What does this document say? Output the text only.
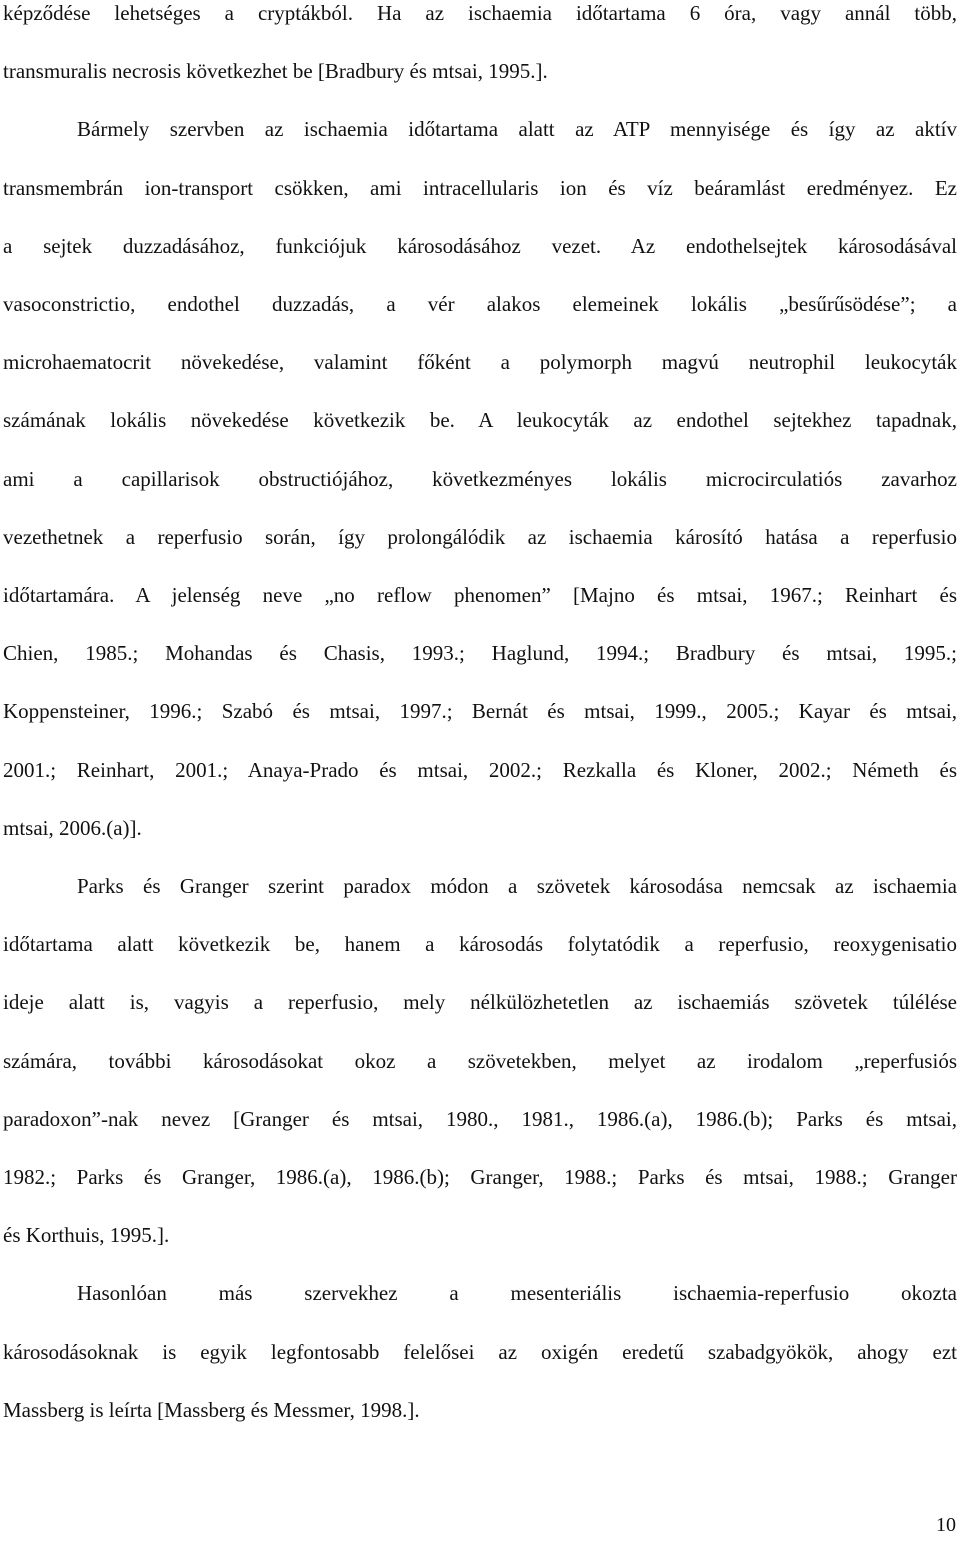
képződése lehetséges a cryptákból. Ha az ischaemia időtartama 6 óra, vagy annál több,
transmuralis necrosis következhet be [Bradbury és mtsai, 1995.].

Bármely szervben az ischaemia időtartama alatt az ATP mennyisége és így az aktív
transmembrán ion-transport csökken, ami intracellularis ion és víz beáramlást eredményez. Ez
a sejtek duzzadásához, funkciójuk károsodásához vezet. Az endothelsejtek károsodásával
vasoconstrictio, endothel duzzadás, a vér alakos elemeinek lokális „besűrűsödése”; a
microhaematocrit növekedése, valamint főként a polymorph magvú neutrophil leukocyták
számának lokális növekedése következik be. A leukocyták az endothel sejtekhez tapadnak,
ami a capillarisok obstructiójához, következményes lokális microcirculatiós zavarhoz
vezethetnek a reperfusio során, így prolongálódik az ischaemia károsító hatása a reperfusio
időtartamára. A jelenség neve „no reflow phenomen” [Majno és mtsai, 1967.; Reinhart és
Chien, 1985.; Mohandas és Chasis, 1993.; Haglund, 1994.; Bradbury és mtsai, 1995.;
Koppensteiner, 1996.; Szabó és mtsai, 1997.; Bernát és mtsai, 1999., 2005.; Kayar és mtsai,
2001.; Reinhart, 2001.; Anaya-Prado és mtsai, 2002.; Rezkalla és Kloner, 2002.; Németh és
mtsai, 2006.(a)].

Parks és Granger szerint paradox módon a szövetek károsodása nemcsak az ischaemia
időtartama alatt következik be, hanem a károsodás folytatódik a reperfusio, reoxygenisatio
ideje alatt is, vagyis a reperfusio, mely nélkülözhetetlen az ischaemiás szövetek túlélése
számára, további károsodásokat okoz a szövetekben, melyet az irodalom „reperfusiós
paradoxon”-nak nevez [Granger és mtsai, 1980., 1981., 1986.(a), 1986.(b); Parks és mtsai,
1982.; Parks és Granger, 1986.(a), 1986.(b); Granger, 1988.; Parks és mtsai, 1988.; Granger
és Korthuis, 1995.].

Hasonlóan más szervekhez a mesenteriális ischaemia-reperfusio okozta
károsodásoknak is egyik legfontosabb felelősei az oxigén eredetű szabadgyökök, ahogy ezt
Massberg is leírta [Massberg és Messmer, 1998.].

10
